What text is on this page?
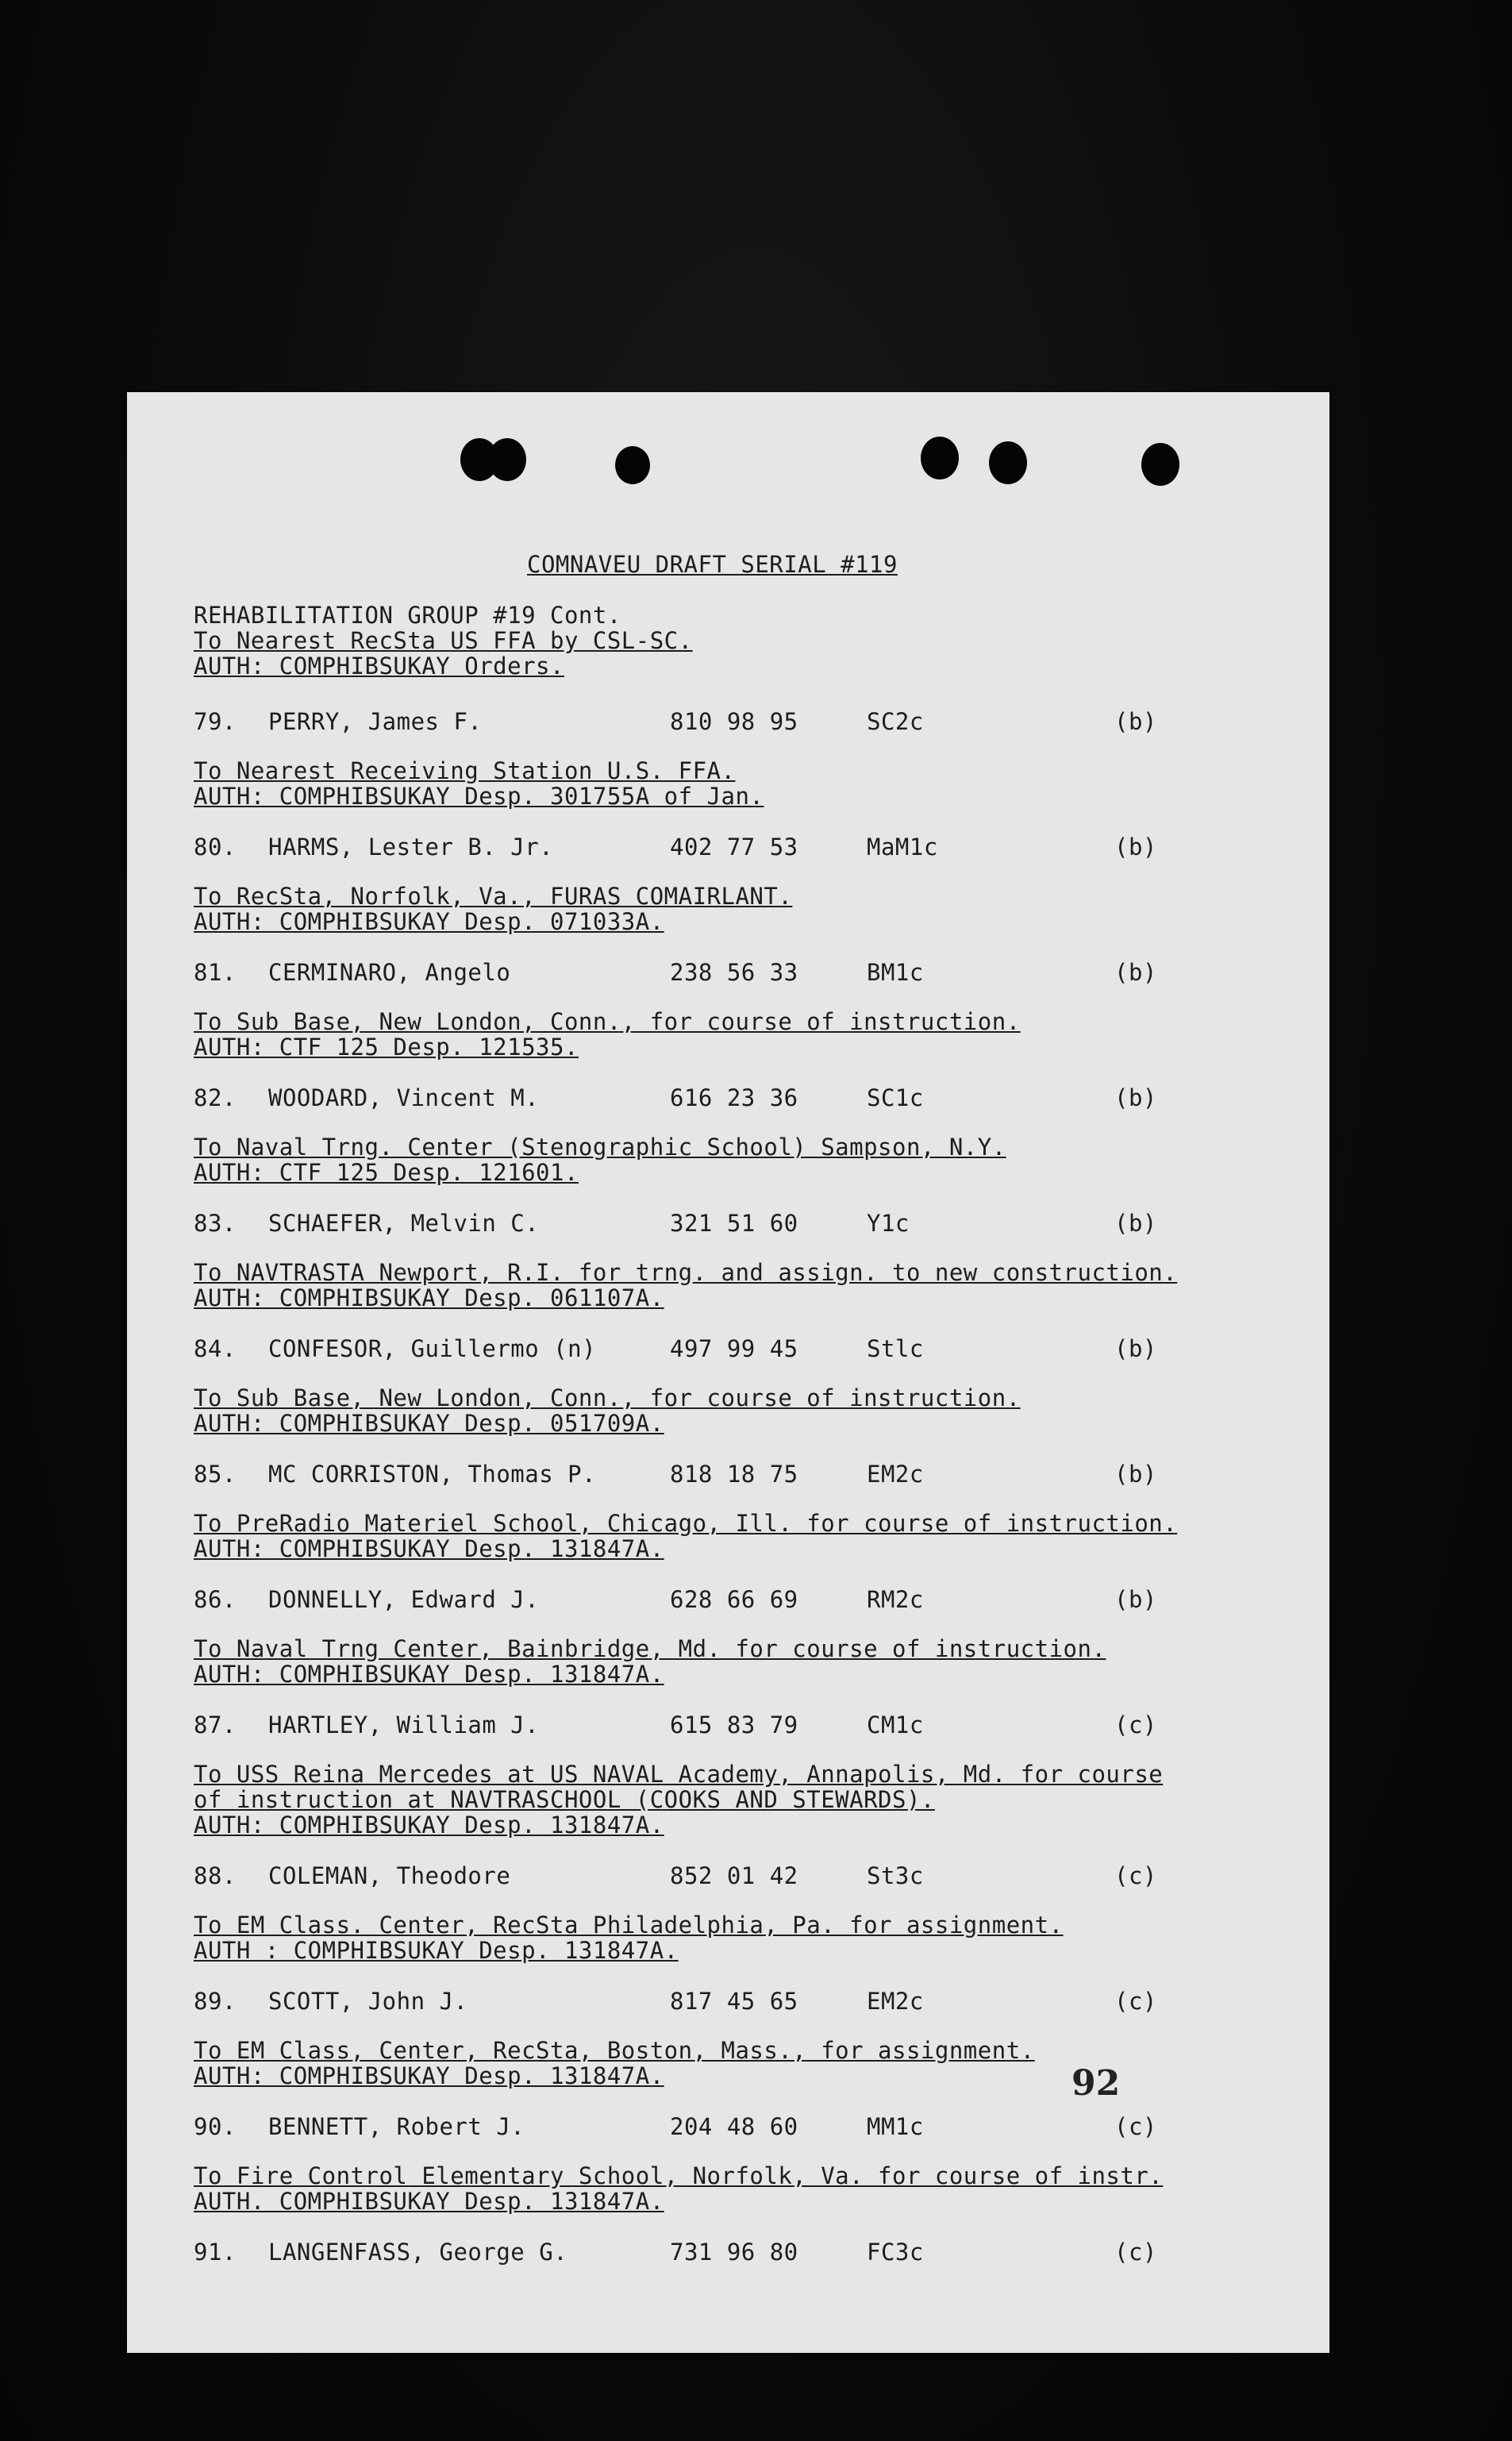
COMNAVEU DRAFT SERIAL #119
REHABILITATION GROUP #19 Cont.
To Nearest RecSta US FFA by CSL-SC.
AUTH: COMPHIBSUKAY Orders.
79. PERRY, James F.	810 98 95	SC2c	(b)
To Nearest Receiving Station U.S. FFA.
AUTH: COMPHIBSUKAY Desp. 301755A of Jan.
80. HARMS, Lester B. Jr.	402 77 53	MaM1c	(b)
To RecSta, Norfolk, Va., FURAS COMAIRLANT.
AUTH: COMPHIBSUKAY Desp. 071033A.
81. CERMINARO, Angelo	238 56 33	BM1c	(b)
To Sub Base, New London, Conn., for course of instruction.
AUTH: CTF 125 Desp. 121535.
82. WOODARD, Vincent M.	616 23 36	SC1c	(b)
To Naval Trng. Center (Stenographic School) Sampson, N.Y.
AUTH: CTF 125 Desp. 121601.
83. SCHAEFER, Melvin C.	321 51 60	Y1c	(b)
To NAVTRASTA Newport, R.I. for trng. and assign. to new construction.
AUTH: COMPHIBSUKAY Desp. 061107A.
84. CONFESOR, Guillermo (n)	497 99 45	Stlc	(b)
To Sub Base, New London, Conn., for course of instruction.
AUTH: COMPHIBSUKAY Desp. 051709A.
85. MC CORRISTON, Thomas P.	818 18 75	EM2c	(b)
To PreRadio Materiel School, Chicago, Ill. for course of instruction.
AUTH: COMPHIBSUKAY Desp. 131847A.
86. DONNELLY, Edward J.	628 66 69	RM2c	(b)
To Naval Trng Center, Bainbridge, Md. for course of instruction.
AUTH: COMPHIBSUKAY Desp. 131847A.
87. HARTLEY, William J.	615 83 79	CM1c	(c)
To USS Reina Mercedes at US NAVAL Academy, Annapolis, Md. for course
of instruction at NAVTRASCHOOL (COOKS AND STEWARDS).
AUTH: COMPHIBSUKAY Desp. 131847A.
88. COLEMAN, Theodore	852 01 42	St3c	(c)
To EM Class. Center, RecSta Philadelphia, Pa. for assignment.
AUTH : COMPHIBSUKAY Desp. 131847A.
89. SCOTT, John J.	817 45 65	EM2c	(c)
To EM Class, Center, RecSta, Boston, Mass., for assignment.
AUTH: COMPHIBSUKAY Desp. 131847A.
90. BENNETT, Robert J.	204 48 60	MM1c	(c)
To Fire Control Elementary School, Norfolk, Va. for course of instr.
AUTH. COMPHIBSUKAY Desp. 131847A.
91. LANGENFASS, George G.	731 96 80	FC3c	(c)
92
